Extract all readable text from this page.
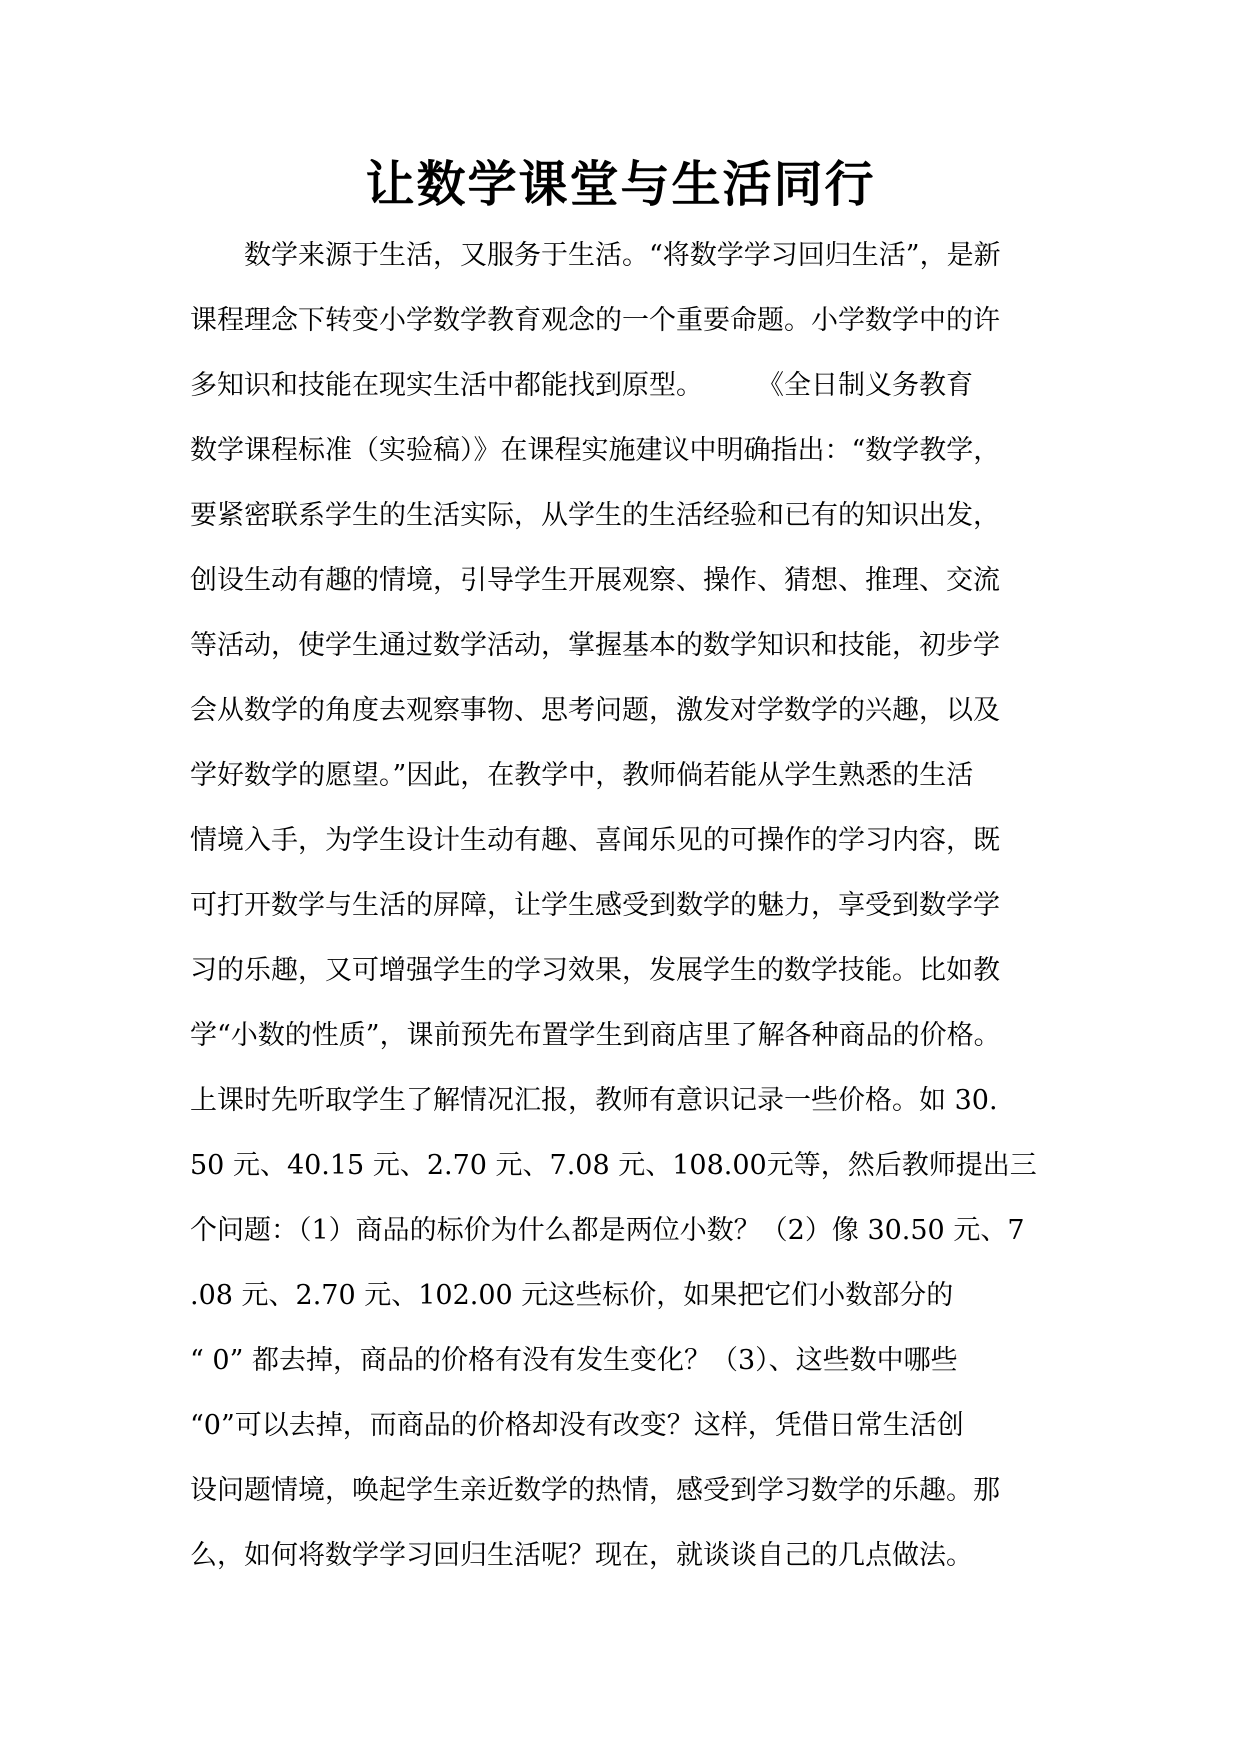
让数学课堂与生活同行
　　数学来源于生活，又服务于生活。“将数学学习回归生活”，是新
课程理念下转变小学数学教育观念的一个重要命题。小学数学中的许
多知识和技能在现实生活中都能找到原型。　　　《全日制义务教育
数学课程标准（实验稿）》在课程实施建议中明确指出：“数学教学，
要紧密联系学生的生活实际，从学生的生活经验和已有的知识出发，
创设生动有趣的情境，引导学生开展观察、操作、猜想、推理、交流
等活动，使学生通过数学活动，掌握基本的数学知识和技能，初步学
会从数学的角度去观察事物、思考问题，激发对学数学的兴趣，以及
学好数学的愿望。”因此，在教学中，教师倘若能从学生熟悉的生活
情境入手，为学生设计生动有趣、喜闻乐见的可操作的学习内容，既
可打开数学与生活的屏障，让学生感受到数学的魅力，享受到数学学
习的乐趣，又可增强学生的学习效果，发展学生的数学技能。比如教
学“小数的性质”，课前预先布置学生到商店里了解各种商品的价格。
上课时先听取学生了解情况汇报，教师有意识记录一些价格。如 30.
50 元、40.15 元、2.70 元、7.08 元、108.00元等，然后教师提出三
个问题：（1）商品的标价为什么都是两位小数？（2）像 30.50 元、7
.08 元、2.70 元、102.00 元这些标价，如果把它们小数部分的
“ 0” 都去掉，商品的价格有没有发生变化？（3）、这些数中哪些
“0”可以去掉，而商品的价格却没有改变？这样，凭借日常生活创
设问题情境，唤起学生亲近数学的热情，感受到学习数学的乐趣。那
么，如何将数学学习回归生活呢？现在，就谈谈自己的几点做法。
